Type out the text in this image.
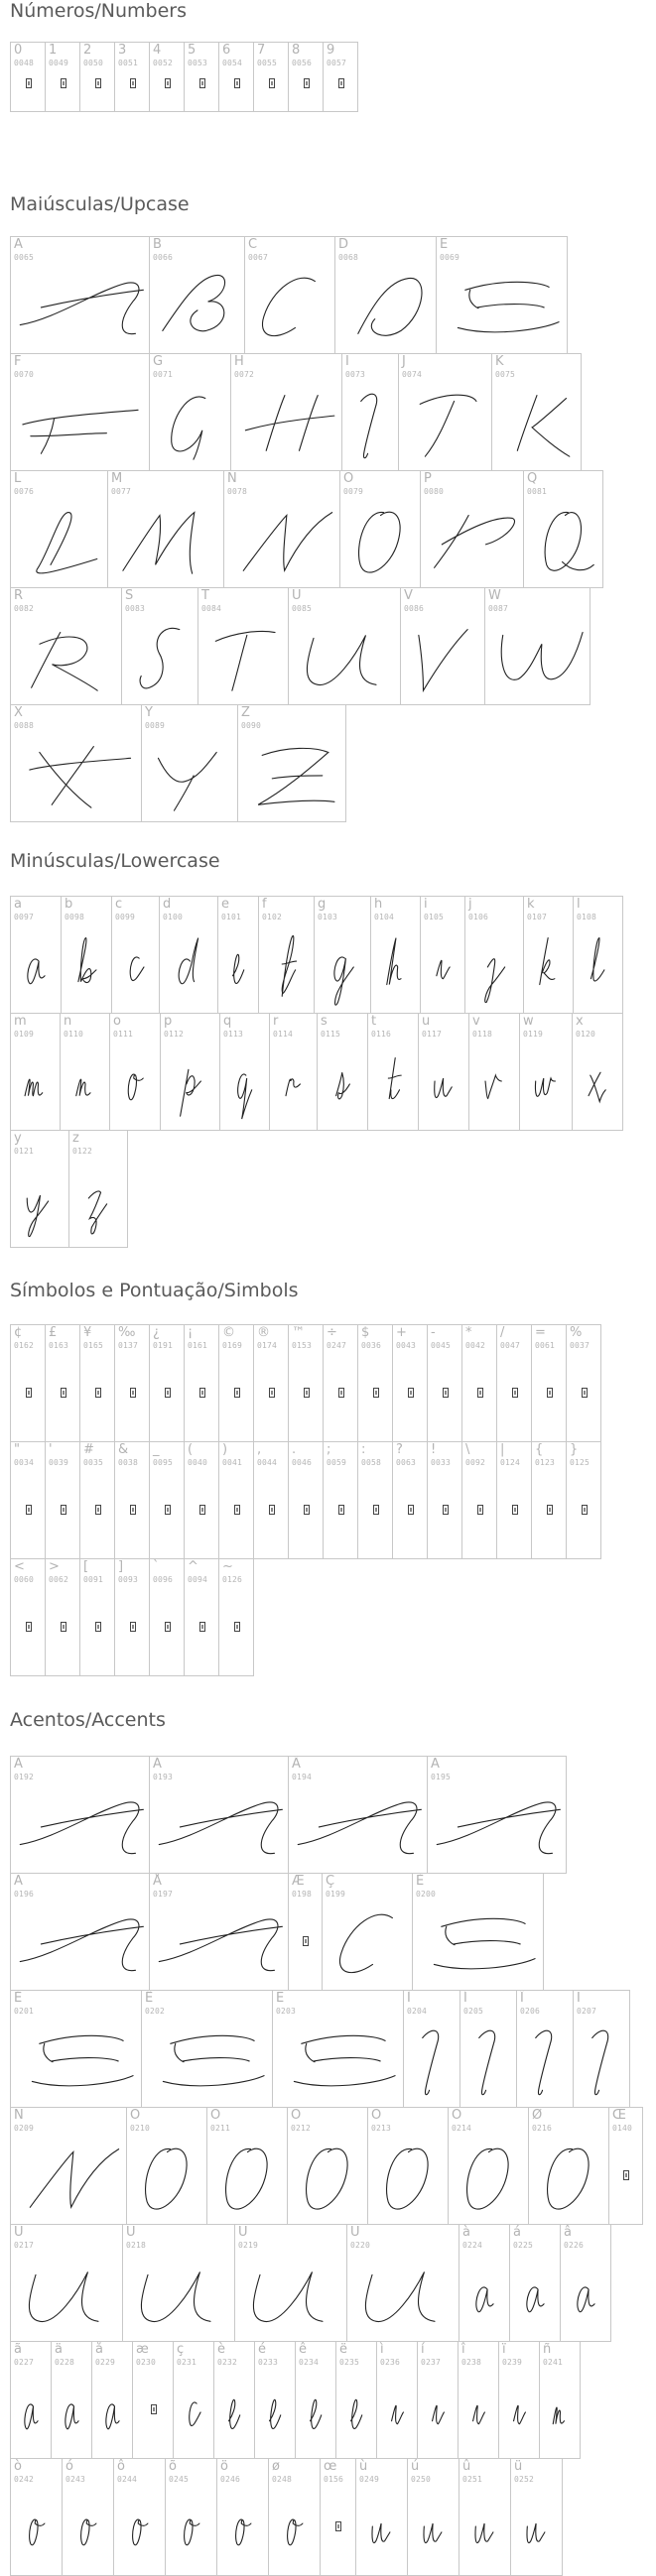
Números/Numbers
0
0048
1
0049
2
0050
3
0051
4
0052
5
0053
6
0054
7
0055
8
0056
9
0057
Maiúsculas/Upcase
A
0065
B
0066
C
0067
D
0068
E
0069
F
0070
G
0071
H
0072
I
0073
J
0074
K
0075
L
0076
M
0077
N
0078
O
0079
P
0080
Q
0081
R
0082
S
0083
T
0084
U
0085
V
0086
W
0087
X
0088
Y
0089
Z
0090
Minúsculas/Lowercase
a
0097
b
0098
c
0099
d
0100
e
0101
f
0102
g
0103
h
0104
i
0105
j
0106
k
0107
l
0108
m
0109
n
0110
o
0111
p
0112
q
0113
r
0114
s
0115
t
0116
u
0117
v
0118
w
0119
x
0120
y
0121
z
0122
Símbolos e Pontuação/Simbols
¢
0162
£
0163
¥
0165
‰
0137
¿
0191
¡
0161
©
0169
®
0174
™
0153
÷
0247
$
0036
+
0043
-
0045
*
0042
/
0047
=
0061
%
0037
"
0034
'
0039
#
0035
&
0038
_
0095
(
0040
)
0041
,
0044
.
0046
;
0059
:
0058
?
0063
!
0033
\
0092
|
0124
{
0123
}
0125
<
0060
>
0062
[
0091
]
0093
`
0096
^
0094
~
0126
Acentos/Accents
À
0192
Á
0193
Â
0194
Ã
0195
Ä
0196
Å
0197
Æ
0198
Ç
0199
È
0200
É
0201
Ê
0202
Ë
0203
Ì
0204
Í
0205
Î
0206
Ï
0207
Ñ
0209
Ò
0210
Ó
0211
Ô
0212
Õ
0213
Ö
0214
Ø
0216
Œ
0140
Ù
0217
Ú
0218
Û
0219
Ü
0220
à
0224
á
0225
â
0226
ã
0227
ä
0228
å
0229
æ
0230
ç
0231
è
0232
é
0233
ê
0234
ë
0235
ì
0236
í
0237
î
0238
ï
0239
ñ
0241
ò
0242
ó
0243
ô
0244
õ
0245
ö
0246
ø
0248
œ
0156
ù
0249
ú
0250
û
0251
ü
0252
